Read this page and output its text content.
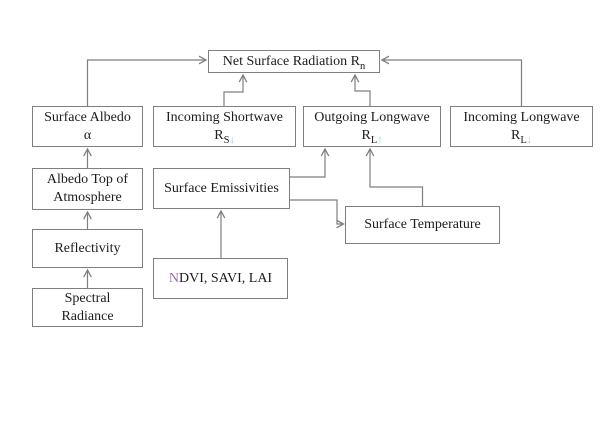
Net Surface Radiation $R_n$
Surface Albedo
α
Incoming Shortwave
$R_{S↓}$
Outgoing Longwave
$R_{L↑}$
Incoming Longwave
$R_{L↓}$
Albedo Top of
Atmosphere
Surface Emissivities
Reflectivity
Surface Temperature
Spectral
Radiance
NDVI, SAVI, LAI
